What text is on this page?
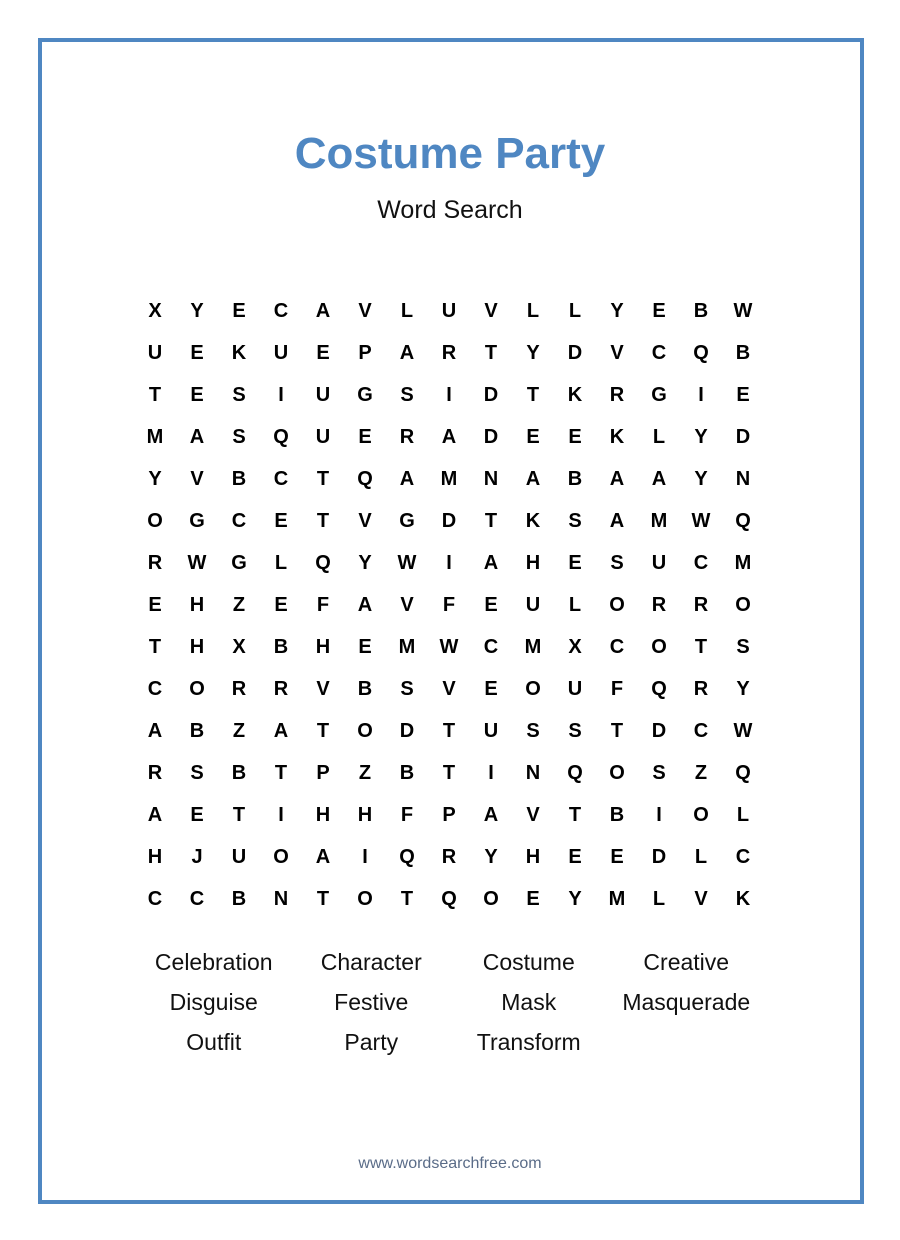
Costume Party
Word Search
X	Y	E	C	A	V	L	U	V	L	L	Y	E	B	W
U	E	K	U	E	P	A	R	T	Y	D	V	C	Q	B
T	E	S	I	U	G	S	I	D	T	K	R	G	I	E
M	A	S	Q	U	E	R	A	D	E	E	K	L	Y	D
Y	V	B	C	T	Q	A	M	N	A	B	A	A	Y	N
O	G	C	E	T	V	G	D	T	K	S	A	M	W	Q
R	W	G	L	Q	Y	W	I	A	H	E	S	U	C	M
E	H	Z	E	F	A	V	F	E	U	L	O	R	R	O
T	H	X	B	H	E	M	W	C	M	X	C	O	T	S
C	O	R	R	V	B	S	V	E	O	U	F	Q	R	Y
A	B	Z	A	T	O	D	T	U	S	S	T	D	C	W
R	S	B	T	P	Z	B	T	I	N	Q	O	S	Z	Q
A	E	T	I	H	H	F	P	A	V	T	B	I	O	L
H	J	U	O	A	I	Q	R	Y	H	E	E	D	L	C
C	C	B	N	T	O	T	Q	O	E	Y	M	L	V	K
Celebration	Character	Costume	Creative
Disguise	Festive	Mask	Masquerade
Outfit	Party	Transform
www.wordsearchfree.com
